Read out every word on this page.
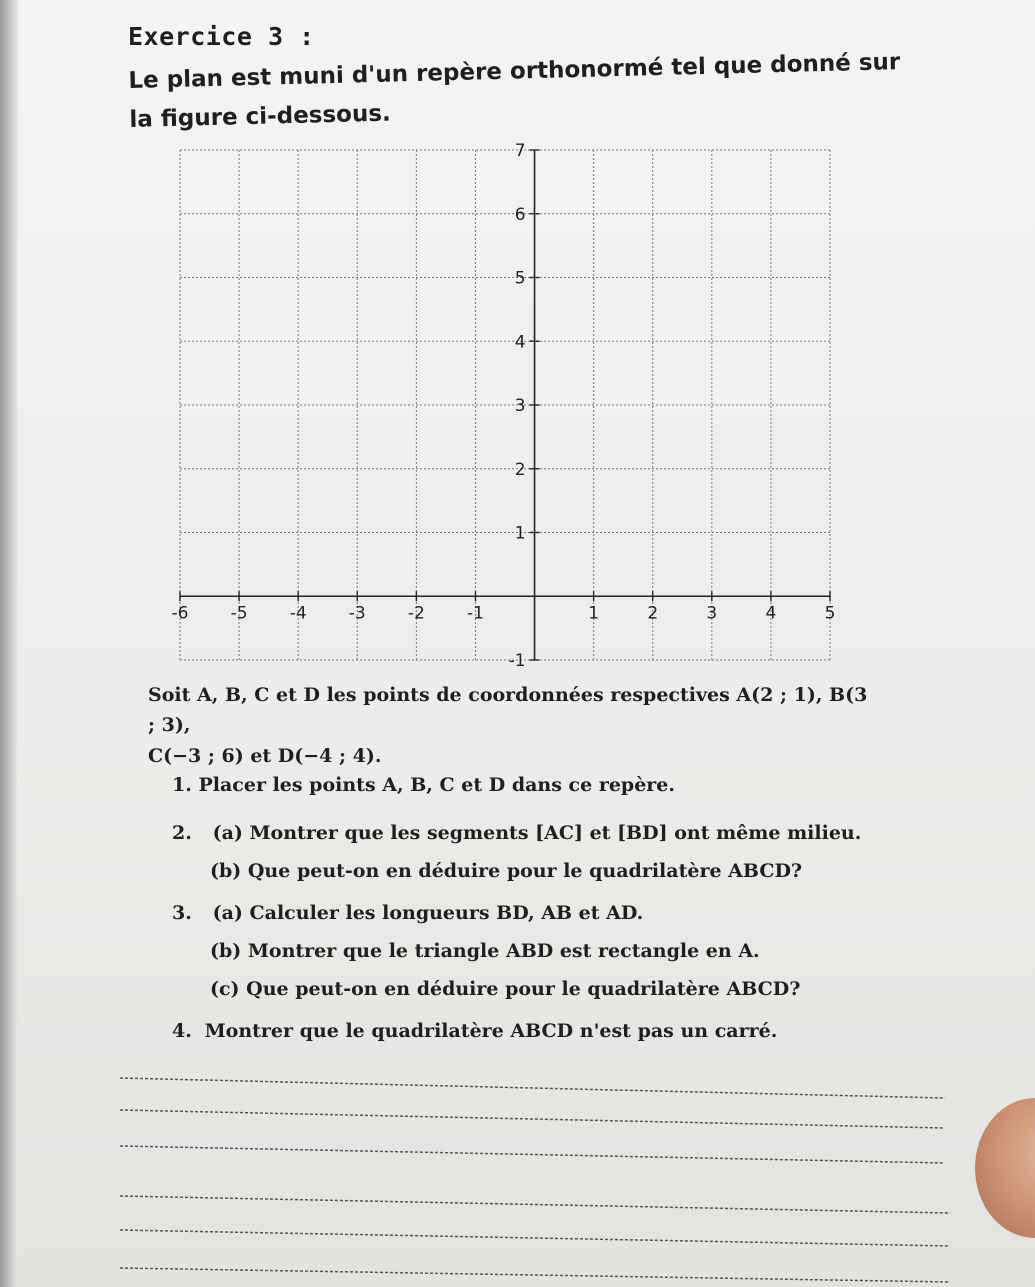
Exercice 3 :
Le plan est muni d'un repère orthonormé tel que donné sur la figure ci-dessous.
-6 -5 -4 -3 -2 -1	1	2	3	4	5
-1
1
2
3
4
5
6
7
Soit A, B, C et D les points de coordonnées respectives A(2 ; 1), B(3 ; 3),
C(−3 ; 6) et D(−4 ; 4).
1. Placer les points A, B, C et D dans ce repère.
2. (a) Montrer que les segments [AC] et [BD] ont même milieu.
(b) Que peut-on en déduire pour le quadrilatère ABCD?
3. (a) Calculer les longueurs BD, AB et AD.
(b) Montrer que le triangle ABD est rectangle en A.
(c) Que peut-on en déduire pour le quadrilatère ABCD?
4. Montrer que le quadrilatère ABCD n'est pas un carré.
